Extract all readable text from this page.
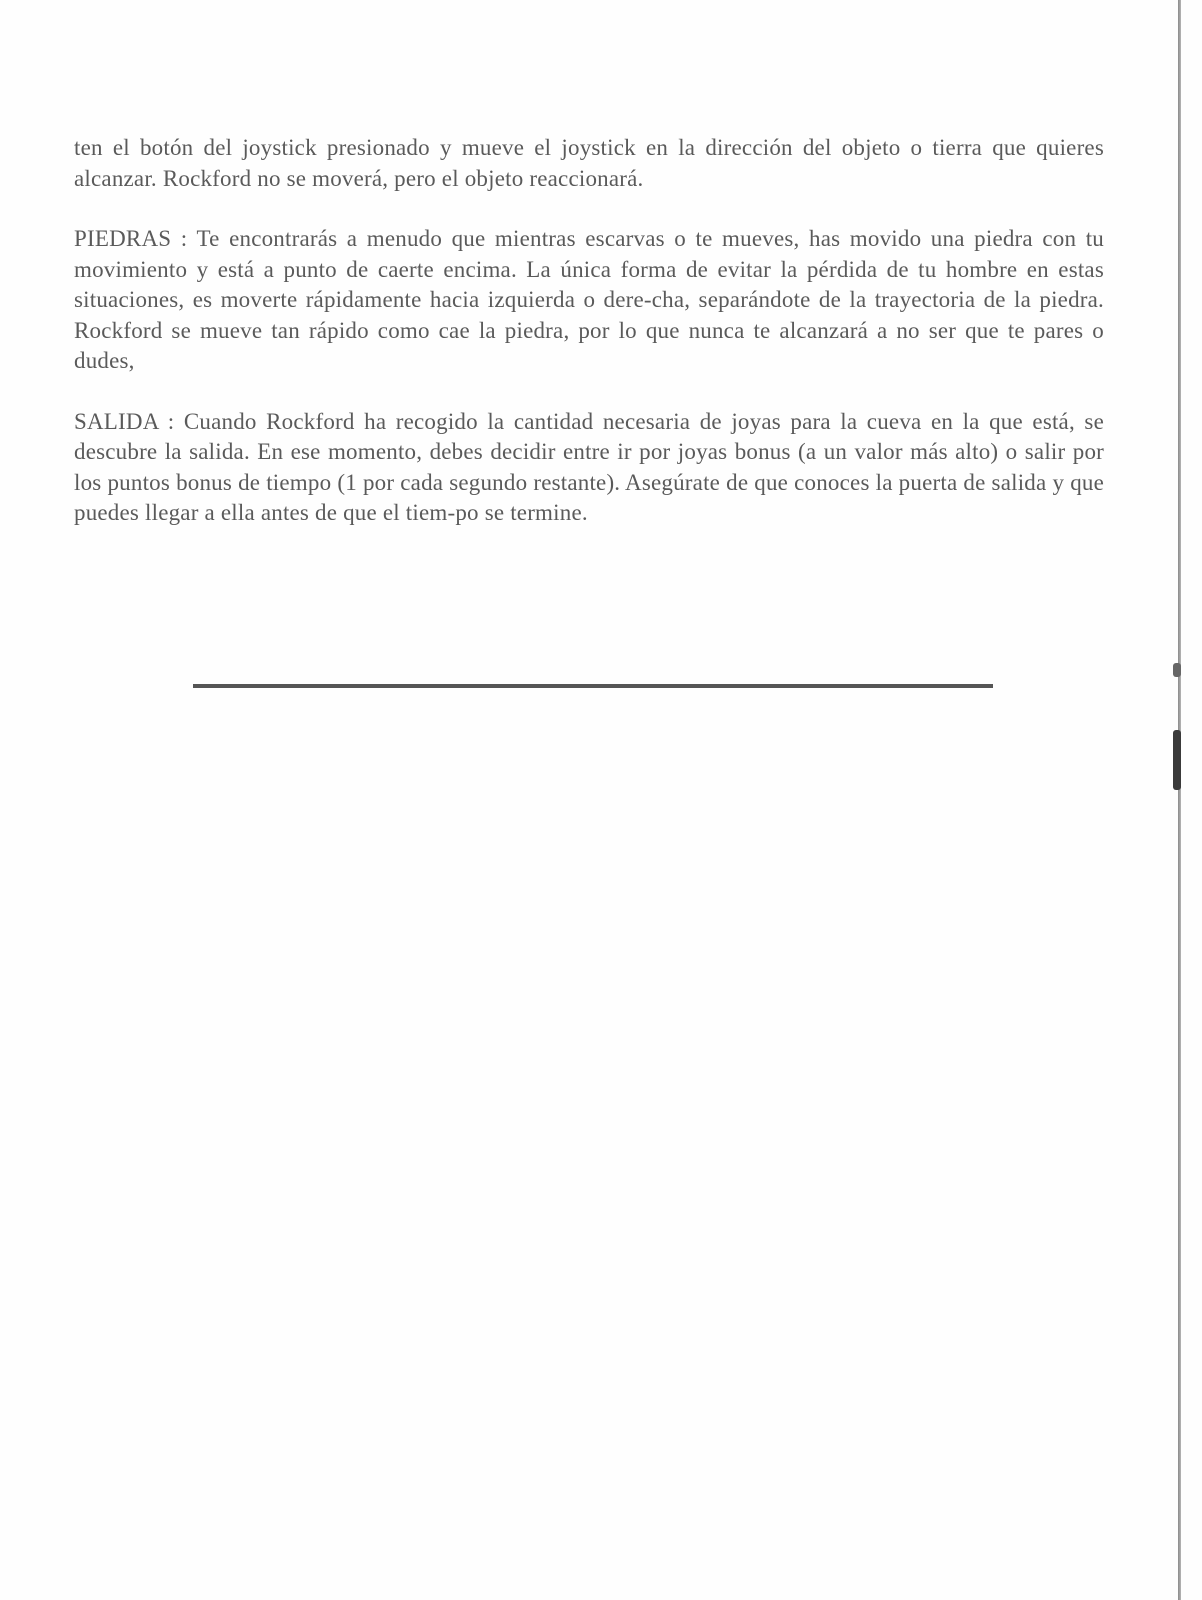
ten el botón del joystick presionado y mueve el joystick en la dirección del objeto o tierra que quieres alcanzar. Rockford no se moverá, pero el objeto reaccionará.

PIEDRAS : Te encontrarás a menudo que mientras escarvas o te mueves, has movido una piedra con tu movimiento y está a punto de caerte encima. La única forma de evitar la pérdida de tu hombre en estas situaciones, es moverte rápidamente hacia izquierda o dere-cha, separándote de la trayectoria de la piedra. Rockford se mueve tan rápido como cae la piedra, por lo que nunca te alcanzará a no ser que te pares o dudes,

SALIDA : Cuando Rockford ha recogido la cantidad necesaria de joyas para la cueva en la que está, se descubre la salida. En ese momento, debes decidir entre ir por joyas bonus (a un valor más alto) o salir por los puntos bonus de tiempo (1 por cada segundo restante). Asegúrate de que conoces la puerta de salida y que puedes llegar a ella antes de que el tiem-po se termine.
